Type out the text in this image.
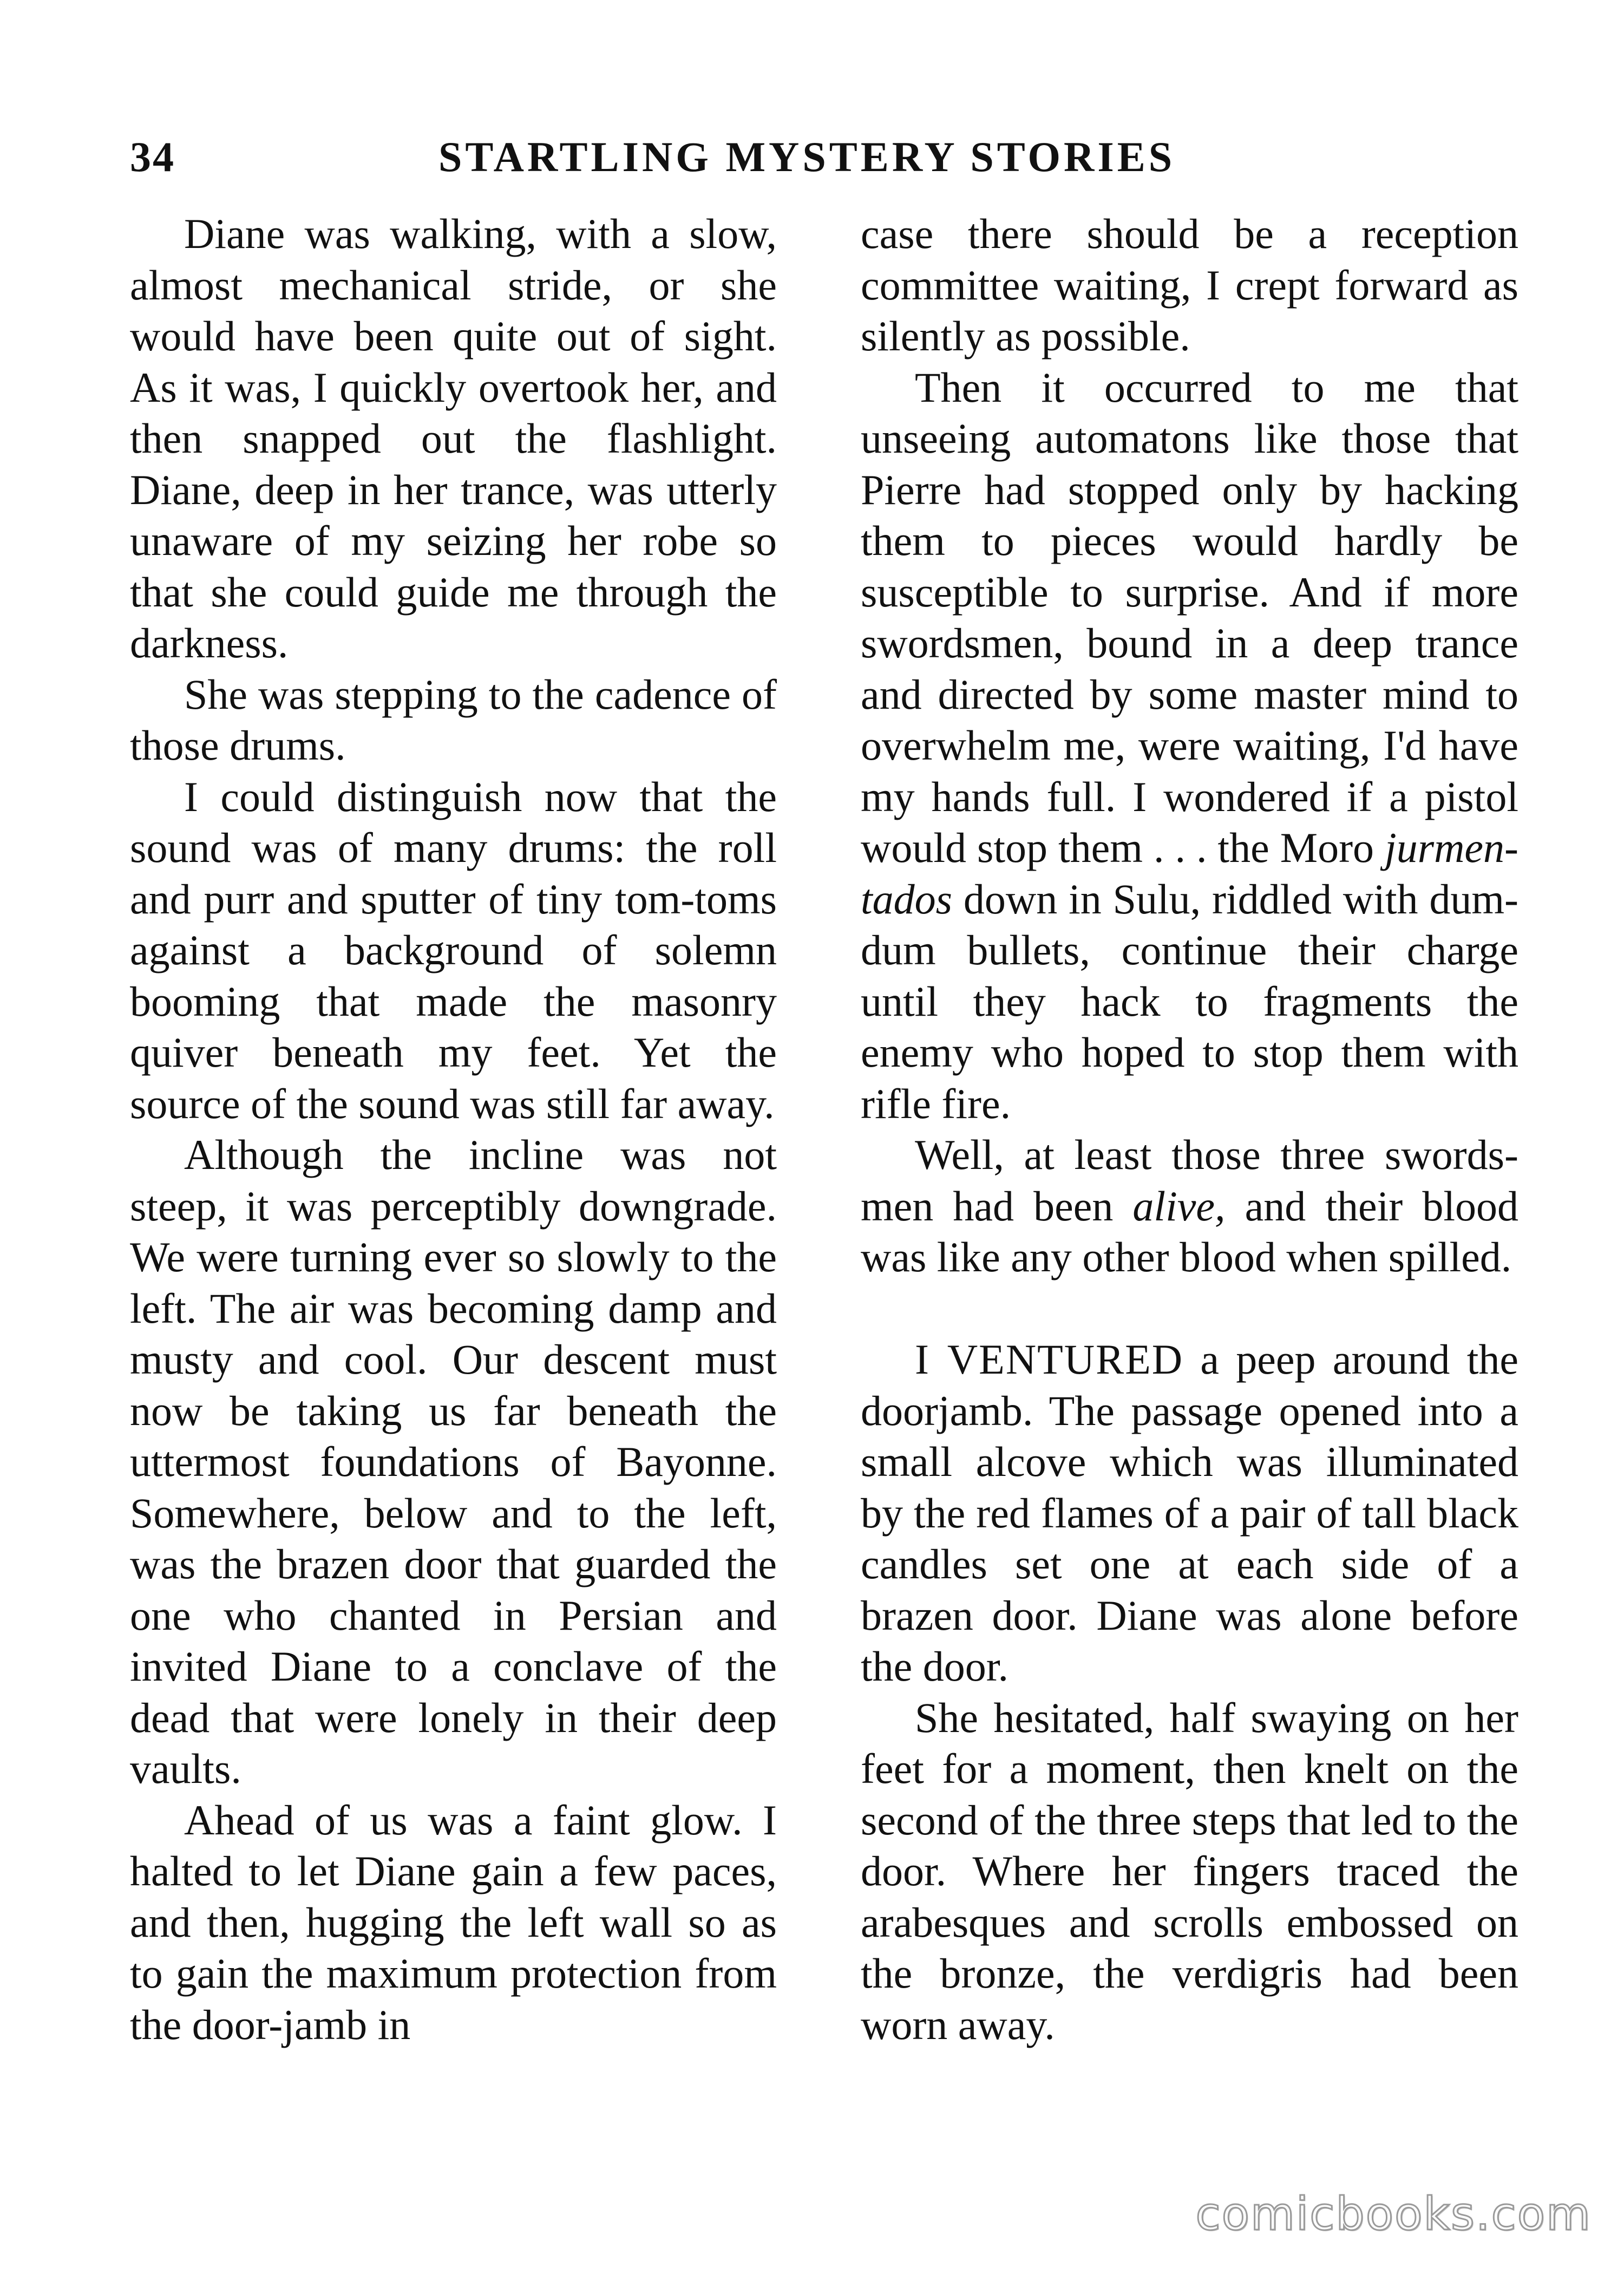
34	STARTLING MYSTERY STORIES

Diane was walking, with a slow, almost mechanical stride, or she would have been quite out of sight. As it was, I quickly overtook her, and then snapped out the flashlight. Diane, deep in her trance, was utterly unaware of my seizing her robe so that she could guide me through the darkness.

She was stepping to the cadence of those drums.

I could distinguish now that the sound was of many drums: the roll and purr and sputter of tiny tom-toms against a background of solemn booming that made the masonry quiver beneath my feet. Yet the source of the sound was still far away.

Although the incline was not steep, it was perceptibly downgrade. We were turning ever so slowly to the left. The air was becoming damp and musty and cool. Our descent must now be taking us far beneath the uttermost foundations of Bayonne. Somewhere, below and to the left, was the brazen door that guarded the one who chanted in Persian and invited Diane to a conclave of the dead that were lonely in their deep vaults.

Ahead of us was a faint glow. I halted to let Diane gain a few paces, and then, hugging the left wall so as to gain the maximum protection from the door-jamb in

case there should be a reception committee waiting, I crept forward as silently as possible.

Then it occurred to me that unseeing automatons like those that Pierre had stopped only by hacking them to pieces would hardly be susceptible to surprise. And if more swordsmen, bound in a deep trance and directed by some master mind to overwhelm me, were waiting, I'd have my hands full. I wondered if a pistol would stop them . . . the Moro jurmentados down in Sulu, riddled with dum-dum bullets, continue their charge until they hack to fragments the enemy who hoped to stop them with rifle fire.

Well, at least those three swordsmen had been alive, and their blood was like any other blood when spilled.

I VENTURED a peep around the doorjamb. The passage opened into a small alcove which was illuminated by the red flames of a pair of tall black candles set one at each side of a brazen door. Diane was alone before the door.

She hesitated, half swaying on her feet for a moment, then knelt on the second of the three steps that led to the door. Where her fingers traced the arabesques and scrolls embossed on the bronze, the verdigris had been worn away.

comicbooks.com
